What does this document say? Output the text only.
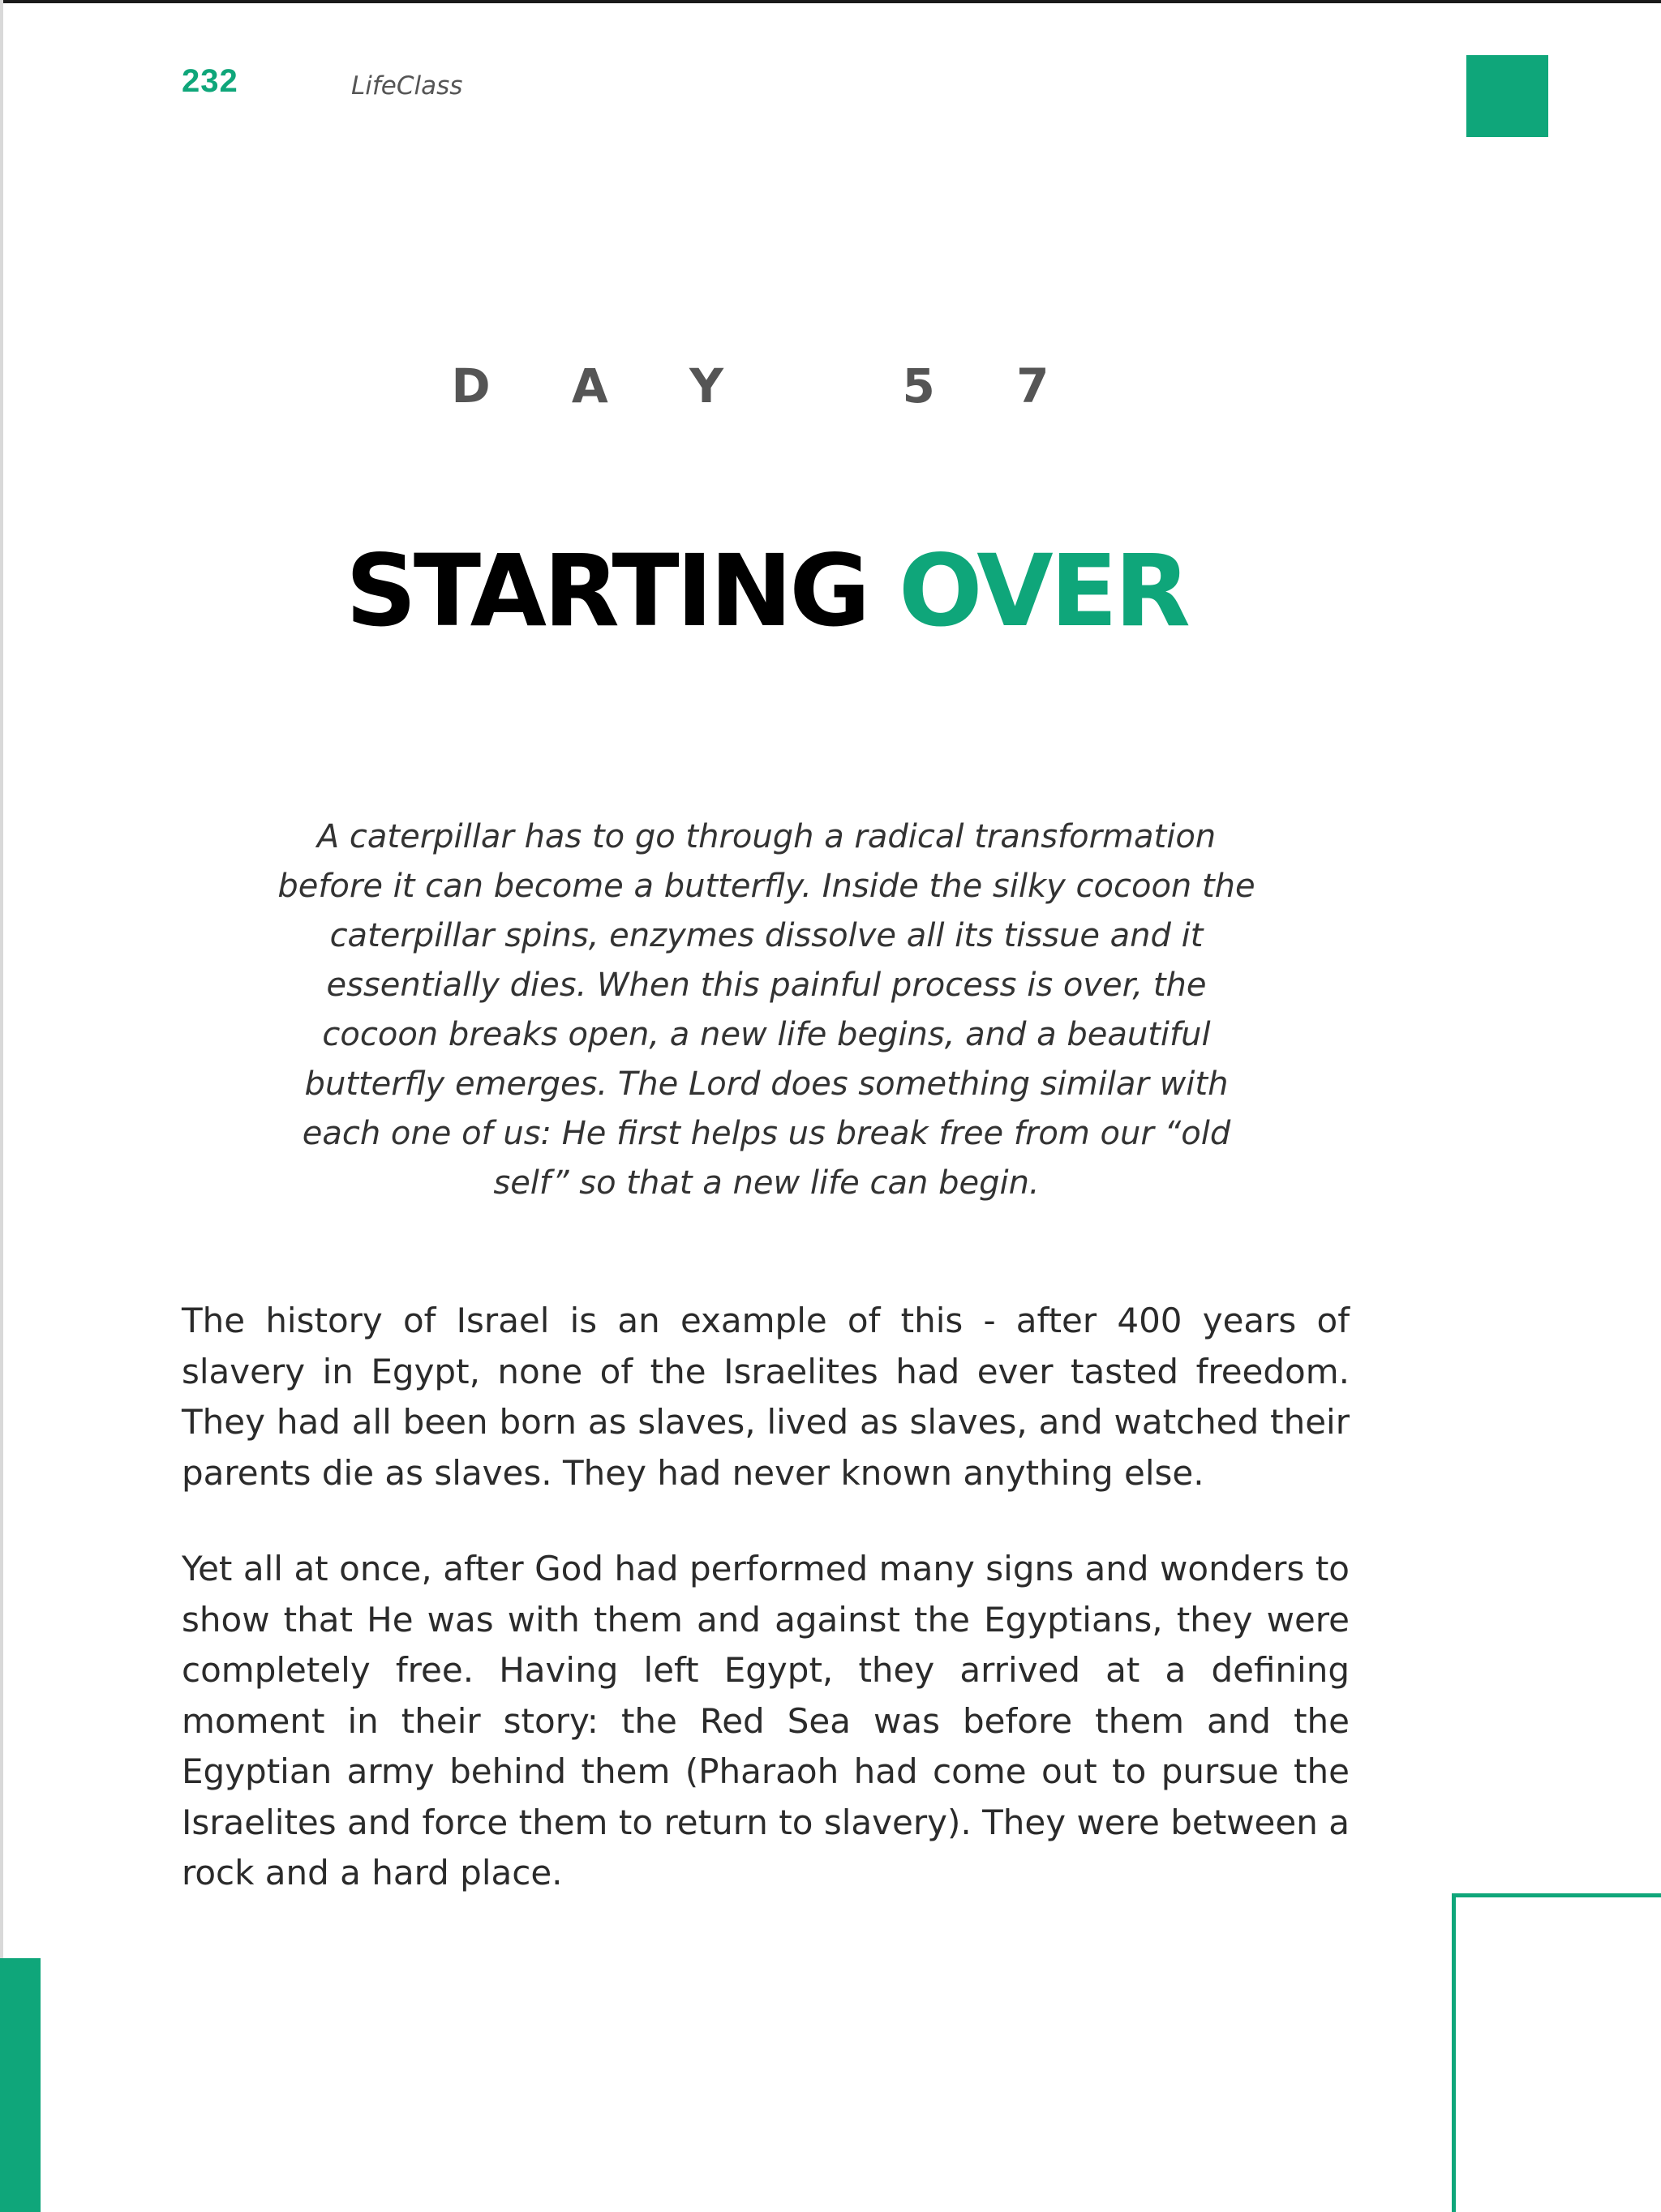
232	LifeClass
D A Y   5 7
STARTING OVER

A caterpillar has to go through a radical transformation before it can become a butterfly. Inside the silky cocoon the caterpillar spins, enzymes dissolve all its tissue and it essentially dies. When this painful process is over, the cocoon breaks open, a new life begins, and a beautiful butterfly emerges. The Lord does something similar with each one of us: He first helps us break free from our “old self” so that a new life can begin.

The history of Israel is an example of this - after 400 years of slavery in Egypt, none of the Israelites had ever tasted freedom. They had all been born as slaves, lived as slaves, and watched their parents die as slaves. They had never known anything else.

Yet all at once, after God had performed many signs and wonders to show that He was with them and against the Egyptians, they were completely free. Having left Egypt, they arrived at a defining moment in their story: the Red Sea was before them and the Egyptian army behind them (Pharaoh had come out to pursue the Israelites and force them to return to slavery). They were between a rock and a hard place.
